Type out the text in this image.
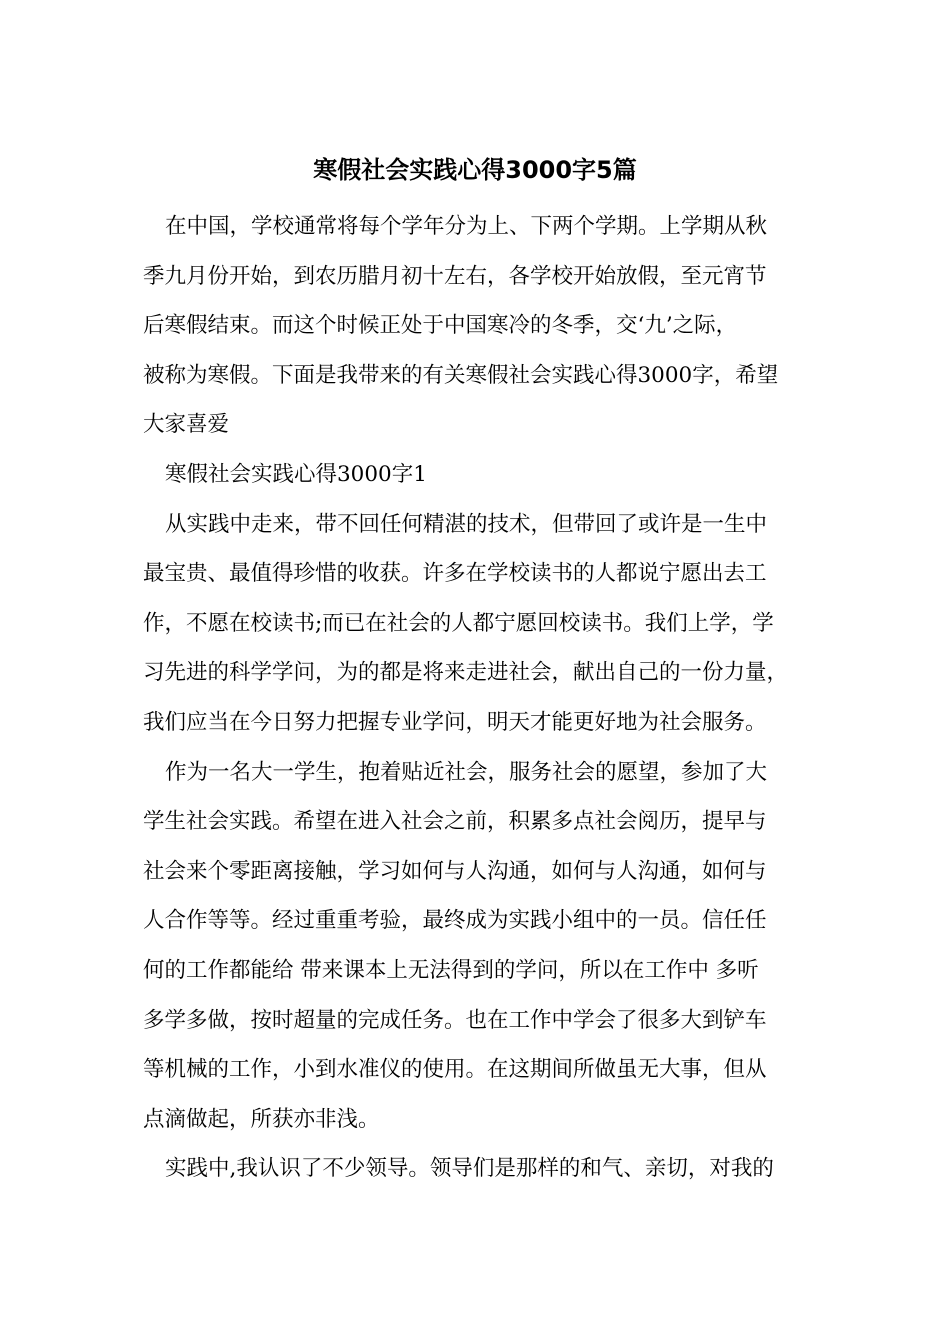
寒假社会实践心得3000字5篇

在中国，学校通常将每个学年分为上、下两个学期。上学期从秋
季九月份开始，到农历腊月初十左右，各学校开始放假，至元宵节
后寒假结束。而这个时候正处于中国寒冷的冬季，交‘九’之际，
被称为寒假。下面是我带来的有关寒假社会实践心得3000字，希望
大家喜爱

寒假社会实践心得3000字1

从实践中走来，带不回任何精湛的技术，但带回了或许是一生中
最宝贵、最值得珍惜的收获。许多在学校读书的人都说宁愿出去工
作，不愿在校读书;而已在社会的人都宁愿回校读书。我们上学，学
习先进的科学学问，为的都是将来走进社会，献出自己的一份力量，
我们应当在今日努力把握专业学问，明天才能更好地为社会服务。

作为一名大一学生，抱着贴近社会，服务社会的愿望，参加了大
学生社会实践。希望在进入社会之前，积累多点社会阅历，提早与
社会来个零距离接触，学习如何与人沟通，如何与人沟通，如何与
人合作等等。经过重重考验，最终成为实践小组中的一员。信任任
何的工作都能给 带来课本上无法得到的学问，所以在工作中 多听
多学多做，按时超量的完成任务。也在工作中学会了很多大到铲车
等机械的工作，小到水准仪的使用。在这期间所做虽无大事，但从
点滴做起，所获亦非浅。

实践中,我认识了不少领导。领导们是那样的和气、亲切，对我的
